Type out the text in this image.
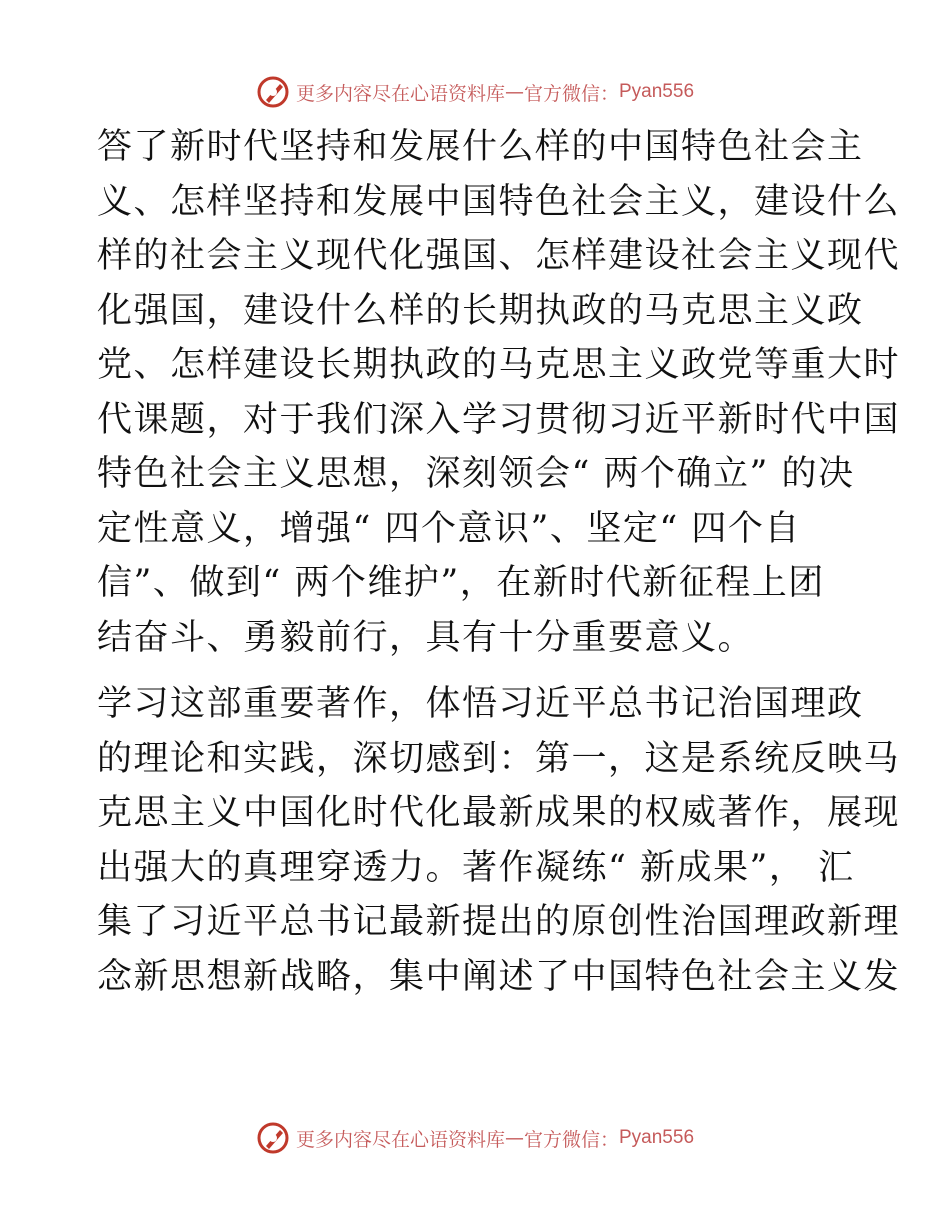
更多内容尽在心语资料库 — 官方微信： Pyan556
答了新时代坚持和发展什么样的中国特色社会主
义、怎样坚持和发展中国特色社会主义，建设什么
样的社会主义现代化强国、怎样建设社会主义现代
化强国，建设什么样的长期执政的马克思主义政
党、怎样建设长期执政的马克思主义政党等重大时
代课题，对于我们深入学习贯彻习近平新时代中国
特色社会主义思想，深刻领会“ 两个确立” 的决
定性意义，增强“ 四个意识”、坚定“ 四个自
信”、做到“ 两个维护”，在新时代新征程上团
结奋斗、勇毅前行，具有十分重要意义。
学习这部重要著作，体悟习近平总书记治国理政
的理论和实践，深切感到：第一，这是系统反映马
克思主义中国化时代化最新成果的权威著作，展现
出强大的真理穿透力。著作凝练“ 新成果”， 汇
集了习近平总书记最新提出的原创性治国理政新理
念新思想新战略，集中阐述了中国特色社会主义发
更多内容尽在心语资料库 — 官方微信： Pyan556
